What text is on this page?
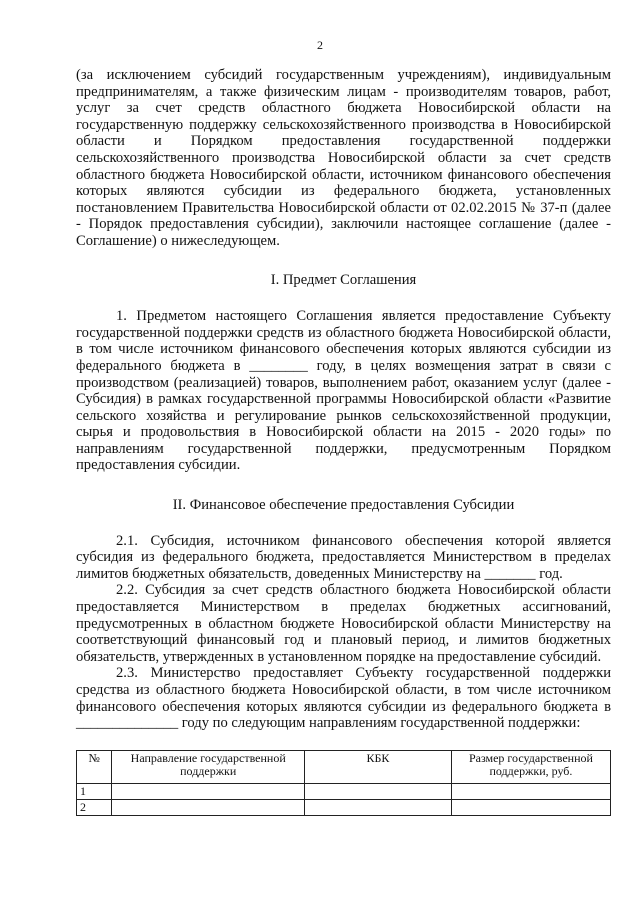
2

(за исключением субсидий государственным учреждениям), индивидуальным предпринимателям, а также физическим лицам - производителям товаров, работ, услуг за счет средств областного бюджета Новосибирской области на государственную поддержку сельскохозяйственного производства в Новосибирской области и Порядком предоставления государственной поддержки сельскохозяйственного производства Новосибирской области за счет средств областного бюджета Новосибирской области, источником финансового обеспечения которых являются субсидии из федерального бюджета, установленных постановлением Правительства Новосибирской области от 02.02.2015 № 37-п (далее - Порядок предоставления субсидии), заключили настоящее соглашение (далее - Соглашение) о нижеследующем.

I. Предмет Соглашения

1. Предметом настоящего Соглашения является предоставление Субъекту государственной поддержки средств из областного бюджета Новосибирской области, в том числе источником финансового обеспечения которых являются субсидии из федерального бюджета в ________ году, в целях возмещения затрат в связи с производством (реализацией) товаров, выполнением работ, оказанием услуг (далее - Субсидия) в рамках государственной программы Новосибирской области «Развитие сельского хозяйства и регулирование рынков сельскохозяйственной продукции, сырья и продовольствия в Новосибирской области на 2015 - 2020 годы» по направлениям государственной поддержки, предусмотренным Порядком предоставления субсидии.

II. Финансовое обеспечение предоставления Субсидии

2.1. Субсидия, источником финансового обеспечения которой является субсидия из федерального бюджета, предоставляется Министерством в пределах лимитов бюджетных обязательств, доведенных Министерству на _______ год.

2.2. Субсидия за счет средств областного бюджета Новосибирской области предоставляется Министерством в пределах бюджетных ассигнований, предусмотренных в областном бюджете Новосибирской области Министерству на соответствующий финансовый год и плановый период, и лимитов бюджетных обязательств, утвержденных в установленном порядке на предоставление субсидий.

2.3. Министерство предоставляет Субъекту государственной поддержки средства из областного бюджета Новосибирской области, в том числе источником финансового обеспечения которых являются субсидии из федерального бюджета в ______________ году по следующим направлениям государственной поддержки:

№	Направление государственной поддержки	КБК	Размер государственной поддержки, руб.
1			
2			
